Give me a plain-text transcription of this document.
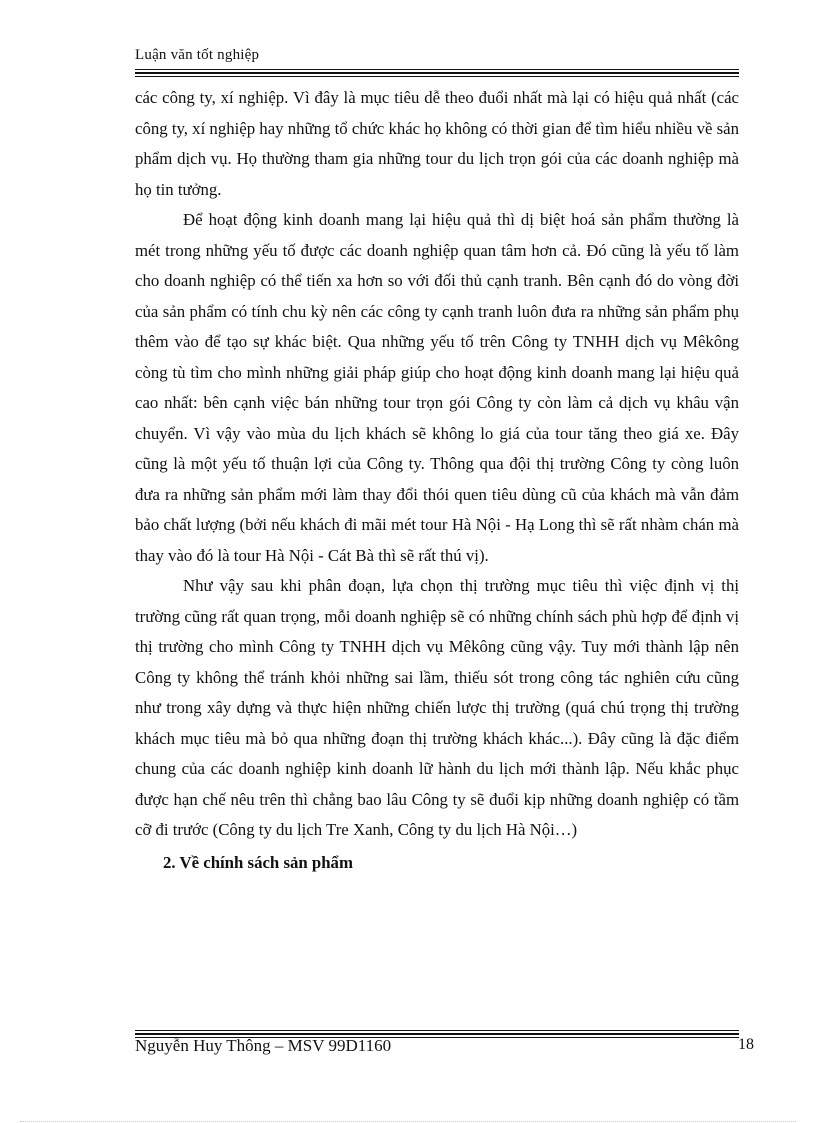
Luận văn tốt nghiệp

các công ty, xí nghiệp. Vì đây là mục tiêu dễ theo đuổi nhất mà lại có hiệu quả nhất (các công ty, xí nghiệp hay những tổ chức khác họ không có thời gian để tìm hiểu nhiều về sản phẩm dịch vụ. Họ thường tham gia những tour du lịch trọn gói của các doanh nghiệp mà họ tin tưởng.

Để hoạt động kinh doanh mang lại hiệu quả thì dị biệt hoá sản phẩm thường là mét trong những yếu tố được các doanh nghiệp quan tâm hơn cả. Đó cũng là yếu tố làm cho doanh nghiệp có thể tiến xa hơn so với đối thủ cạnh tranh. Bên cạnh đó do vòng đời của sản phẩm có tính chu kỳ nên các công ty cạnh tranh luôn đưa ra những sản phẩm phụ thêm vào để tạo sự khác biệt. Qua những yếu tố trên Công ty TNHH dịch vụ Mêkông còng tù tìm cho mình những giải pháp giúp cho hoạt động kinh doanh mang lại hiệu quả cao nhất: bên cạnh việc bán những tour trọn gói Công ty còn làm cả dịch vụ khâu vận chuyển. Vì vậy vào mùa du lịch khách sẽ không lo giá của tour tăng theo giá xe. Đây cũng là một yếu tố thuận lợi của Công ty. Thông qua đội thị trường Công ty còng luôn đưa ra những sản phẩm mới làm thay đổi thói quen tiêu dùng cũ của khách mà vẫn đảm bảo chất lượng (bởi nếu khách đi mãi mét tour Hà Nội - Hạ Long thì sẽ rất nhàm chán mà thay vào đó là tour Hà Nội - Cát Bà thì sẽ rất thú vị).

Như vậy sau khi phân đoạn, lựa chọn thị trường mục tiêu thì việc định vị thị trường cũng rất quan trọng, mỗi doanh nghiệp sẽ có những chính sách phù hợp để định vị thị trường cho mình Công ty TNHH dịch vụ Mêkông cũng vậy. Tuy mới thành lập nên Công ty không thể tránh khỏi những sai lầm, thiếu sót trong công tác nghiên cứu cũng như trong xây dựng và thực hiện những chiến lược thị trường (quá chú trọng thị trường khách mục tiêu mà bỏ qua những đoạn thị trường khách khác...). Đây cũng là đặc điểm chung của các doanh nghiệp kinh doanh lữ hành du lịch mới thành lập. Nếu khắc phục được hạn chế nêu trên thì chẳng bao lâu Công ty sẽ đuổi kịp những doanh nghiệp có tầm cỡ đi trước (Công ty du lịch Tre Xanh, Công ty du lịch Hà Nội…)

2. Về chính sách sản phẩm

Nguyễn Huy Thông – MSV 99D1160	18
